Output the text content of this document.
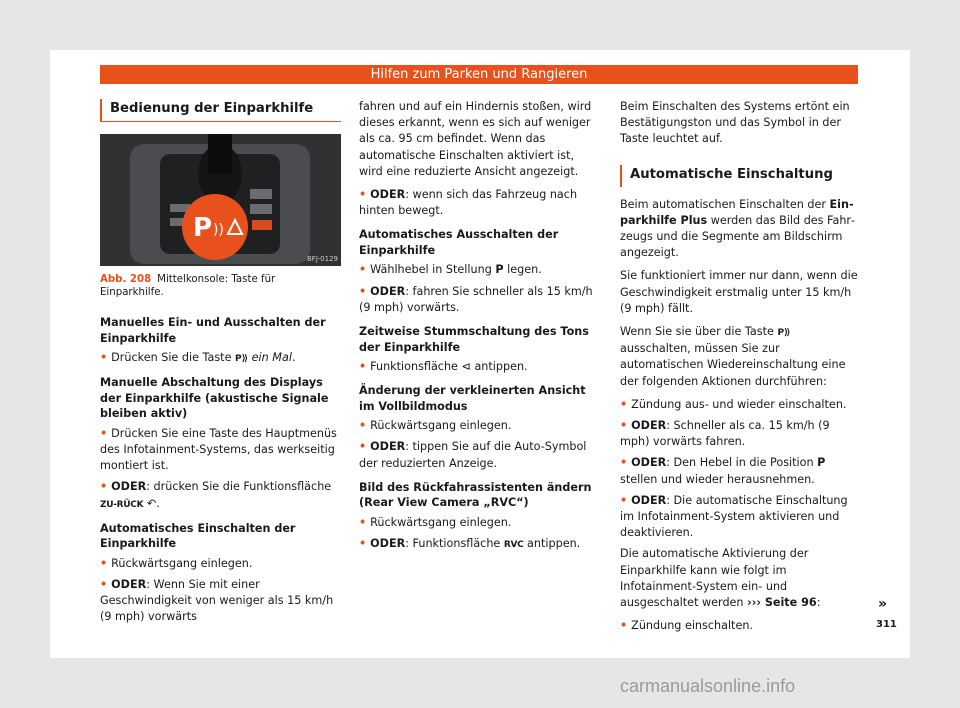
Hilfen zum Parken und Rangieren
Bedienung der Einparkhilfe
P ))
BFJ-0129
Abb. 208 Mittelkonsole: Taste für Einparkhilfe.

Manuelles Ein- und Ausschalten der Einparkhilfe

• Drücken Sie die Taste P⟫ ein Mal.

Manuelle Abschaltung des Displays der Einparkhilfe (akustische Signale bleiben aktiv)

• Drücken Sie eine Taste des Hauptmenüs des Infotainment-Systems, das werkseitig montiert ist.

• ODER: drücken Sie die Funktionsfläche ZU-RÜCK ↶.

Automatisches Einschalten der Einparkhilfe

• Rückwärtsgang einlegen.

• ODER: Wenn Sie mit einer Geschwindigkeit von weniger als 15 km/h (9 mph) vorwärts

fahren und auf ein Hindernis stoßen, wird dieses erkannt, wenn es sich auf weniger als ca. 95 cm befindet. Wenn das automatische Einschalten aktiviert ist, wird eine reduzierte Ansicht angezeigt.

• ODER: wenn sich das Fahrzeug nach hinten bewegt.

Automatisches Ausschalten der Einparkhilfe

• Wählhebel in Stellung P legen.

• ODER: fahren Sie schneller als 15 km/h (9 mph) vorwärts.

Zeitweise Stummschaltung des Tons der Einparkhilfe

• Funktionsfläche ⊲ antippen.

Änderung der verkleinerten Ansicht im Vollbildmodus

• Rückwärtsgang einlegen.

• ODER: tippen Sie auf die Auto-Symbol der reduzierten Anzeige.

Bild des Rückfahrassistenten ändern (Rear View Camera „RVC“)

• Rückwärtsgang einlegen.

• ODER: Funktionsfläche RVC antippen.

Beim Einschalten des Systems ertönt ein Bestätigungston und das Symbol in der Taste leuchtet auf.

Automatische Einschaltung

Beim automatischen Einschalten der Einparkhilfe Plus werden das Bild des Fahrzeugs und die Segmente am Bildschirm angezeigt.

Sie funktioniert immer nur dann, wenn die Geschwindigkeit erstmalig unter 15 km/h (9 mph) fällt.

Wenn Sie sie über die Taste P⟫ ausschalten, müssen Sie zur automatischen Wiedereinschaltung eine der folgenden Aktionen durchführen:

• Zündung aus- und wieder einschalten.

• ODER: Schneller als ca. 15 km/h (9 mph) vorwärts fahren.

• ODER: Den Hebel in die Position P stellen und wieder herausnehmen.

• ODER: Die automatische Einschaltung im Infotainment-System aktivieren und deaktivieren.

Die automatische Aktivierung der Einparkhilfe kann wie folgt im Infotainment-System ein- und ausgeschaltet werden ››› Seite 96:

• Zündung einschalten.

»
311
carmanualsonline.info
